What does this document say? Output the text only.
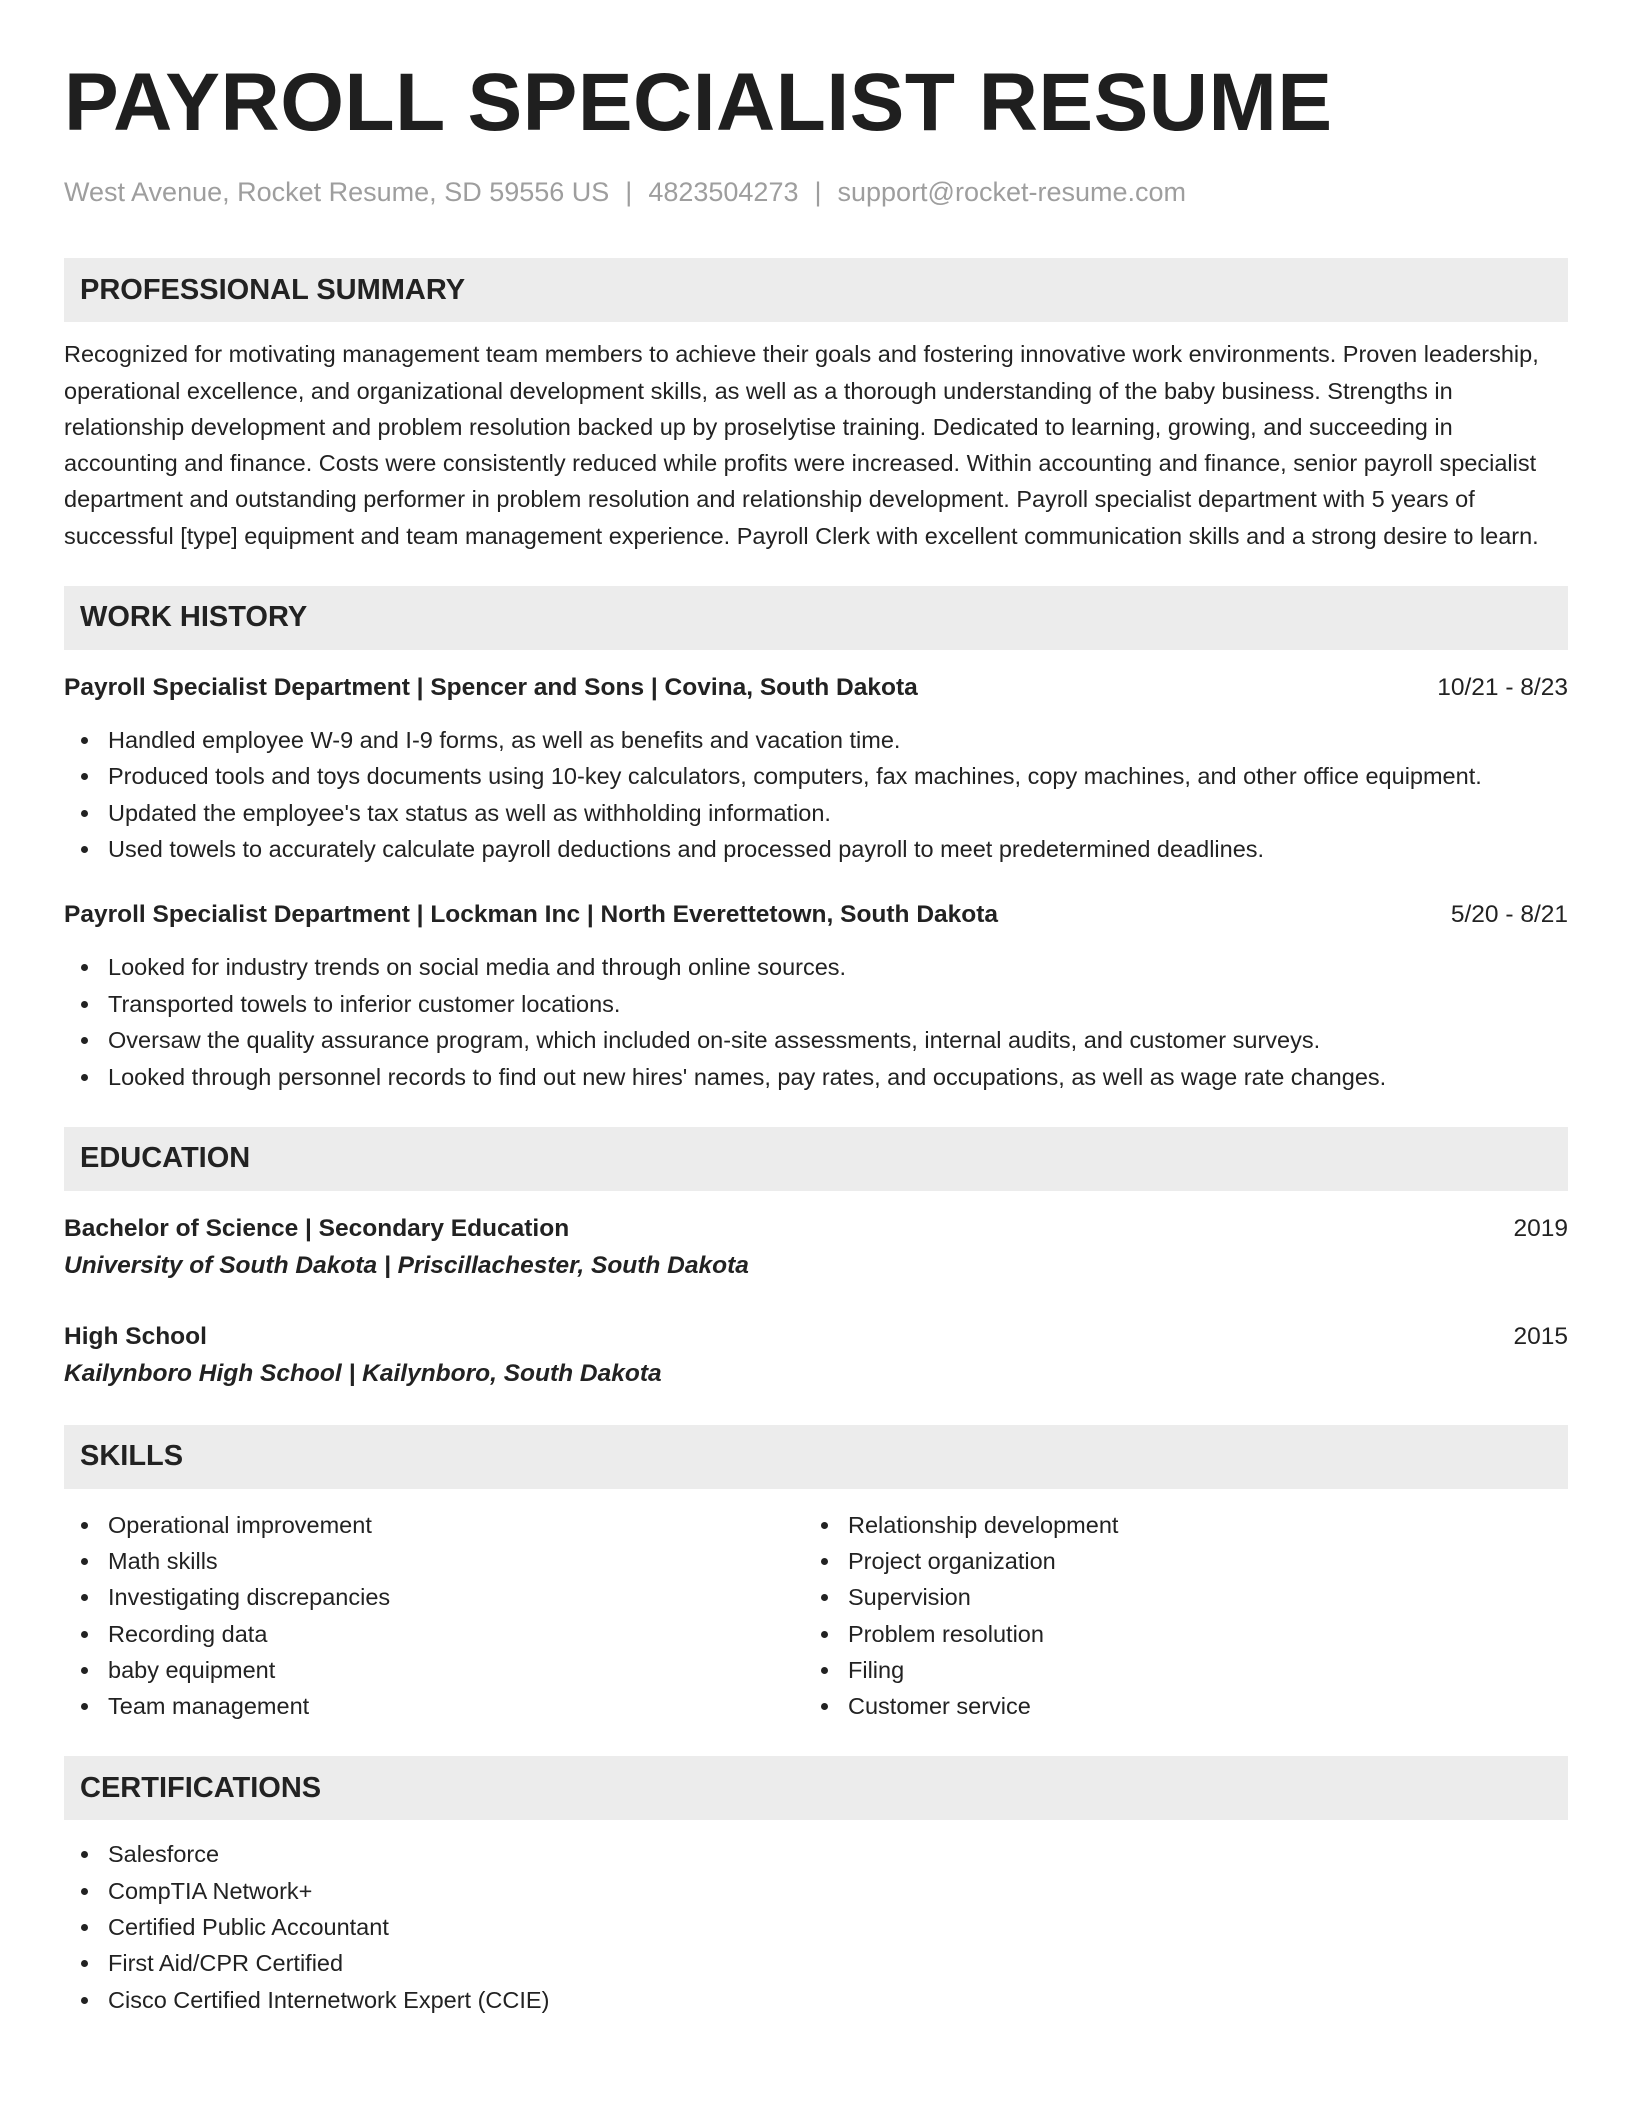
PAYROLL SPECIALIST RESUME
West Avenue, Rocket Resume, SD 59556 US | 4823504273 | support@rocket-resume.com
PROFESSIONAL SUMMARY

Recognized for motivating management team members to achieve their goals and fostering innovative work environments. Proven leadership, operational excellence, and organizational development skills, as well as a thorough understanding of the baby business. Strengths in relationship development and problem resolution backed up by proselytise training. Dedicated to learning, growing, and succeeding in accounting and finance. Costs were consistently reduced while profits were increased. Within accounting and finance, senior payroll specialist department and outstanding performer in problem resolution and relationship development. Payroll specialist department with 5 years of successful [type] equipment and team management experience. Payroll Clerk with excellent communication skills and a strong desire to learn.

WORK HISTORY
Payroll Specialist Department | Spencer and Sons | Covina, South Dakota	10/21 - 8/23
Handled employee W-9 and I-9 forms, as well as benefits and vacation time.
Produced tools and toys documents using 10-key calculators, computers, fax machines, copy machines, and other office equipment.
Updated the employee's tax status as well as withholding information.
Used towels to accurately calculate payroll deductions and processed payroll to meet predetermined deadlines.
Payroll Specialist Department | Lockman Inc | North Everettetown, South Dakota	5/20 - 8/21
Looked for industry trends on social media and through online sources.
Transported towels to inferior customer locations.
Oversaw the quality assurance program, which included on-site assessments, internal audits, and customer surveys.
Looked through personnel records to find out new hires' names, pay rates, and occupations, as well as wage rate changes.
EDUCATION
Bachelor of Science | Secondary Education	2019
University of South Dakota | Priscillachester, South Dakota
High School	2015
Kailynboro High School | Kailynboro, South Dakota
SKILLS
Operational improvement
Math skills
Investigating discrepancies
Recording data
baby equipment
Team management
Relationship development
Project organization
Supervision
Problem resolution
Filing
Customer service
CERTIFICATIONS
Salesforce
CompTIA Network+
Certified Public Accountant
First Aid/CPR Certified
Cisco Certified Internetwork Expert (CCIE)
